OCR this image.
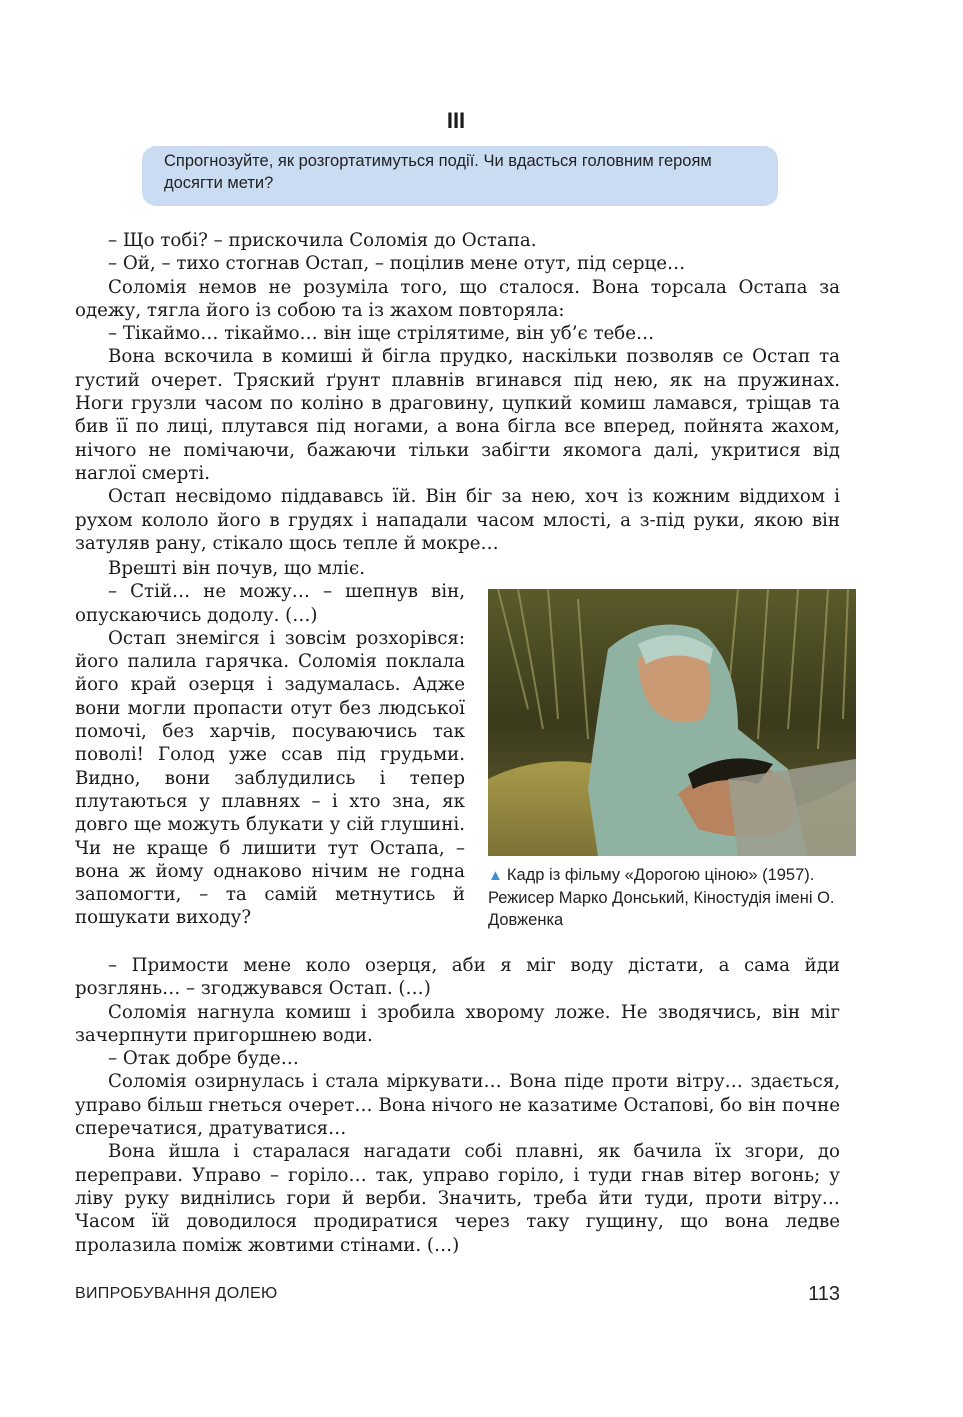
III
Спрогнозуйте, як розгортатимуться події. Чи вдасться головним героям досягти мети?

– Що тобі? – прискочила Соломія до Остапа.

– Ой, – тихо стогнав Остап, – поцілив мене отут, під серце…

Соломія немов не розуміла того, що сталося. Вона торсала Остапа за одежу, тягла його із собою та із жахом повторяла:

– Тікаймо… тікаймо… він іще стрілятиме, він уб’є тебе…

Вона вскочила в комиші й бігла прудко, наскільки позволяв се Остап та густий очерет. Тряский ґрунт плавнів вгинався під нею, як на пружинах. Ноги грузли часом по коліно в драговину, цупкий комиш ламався, тріщав та бив її по лиці, плутався під ногами, а вона бігла все вперед, пойнята жахом, нічого не помічаючи, бажаючи тільки забігти якомога далі, укритися від наглої смерті.

Остап несвідомо піддававсь їй. Він біг за нею, хоч із кожним віддихом і рухом кололо його в грудях і нападали часом млості, а з-під руки, якою він затуляв рану, стікало щось тепле й мокре…

Врешті він почув, що мліє.

– Стій… не можу… – шепнув він, опускаючись додолу. (…)

Остап знемігся і зовсім розхорівся: його палила гарячка. Соломія поклала його край озерця і задумалась. Адже вони могли пропасти отут без людської помочі, без харчів, посуваючись так поволі! Голод уже ссав під грудьми. Видно, вони заблудились і тепер плутаються у плавнях – і хто зна, як довго ще можуть блукати у сій глушині. Чи не краще б лишити тут Остапа, – вона ж йому однаково нічим не годна запомогти, – та самій метнутись й пошукати виходу?

▲ Кадр із фільму «Дорогою ціною» (1957). Режисер Марко Донський, Кіностудія імені О. Довженка

– Примости мене коло озерця, аби я міг воду дістати, а сама йди розглянь… – згоджувався Остап. (…)

Соломія нагнула комиш і зробила хворому ложе. Не зводячись, він міг зачерпнути пригоршнею води.

– Отак добре буде…

Соломія озирнулась і стала міркувати… Вона піде проти вітру… здається, управо більш гнеться очерет… Вона нічого не казатиме Остапові, бо він почне сперечатися, дратуватися…

Вона йшла і старалася нагадати собі плавні, як бачила їх згори, до переправи. Управо – горіло… так, управо горіло, і туди гнав вітер вогонь; у ліву руку виднілись гори й верби. Значить, треба йти туди, проти вітру… Часом їй доводилося продиратися через таку гущину, що вона ледве пролазила поміж жовтими стінами. (…)

ВИПРОБУВАННЯ ДОЛЕЮ	113
